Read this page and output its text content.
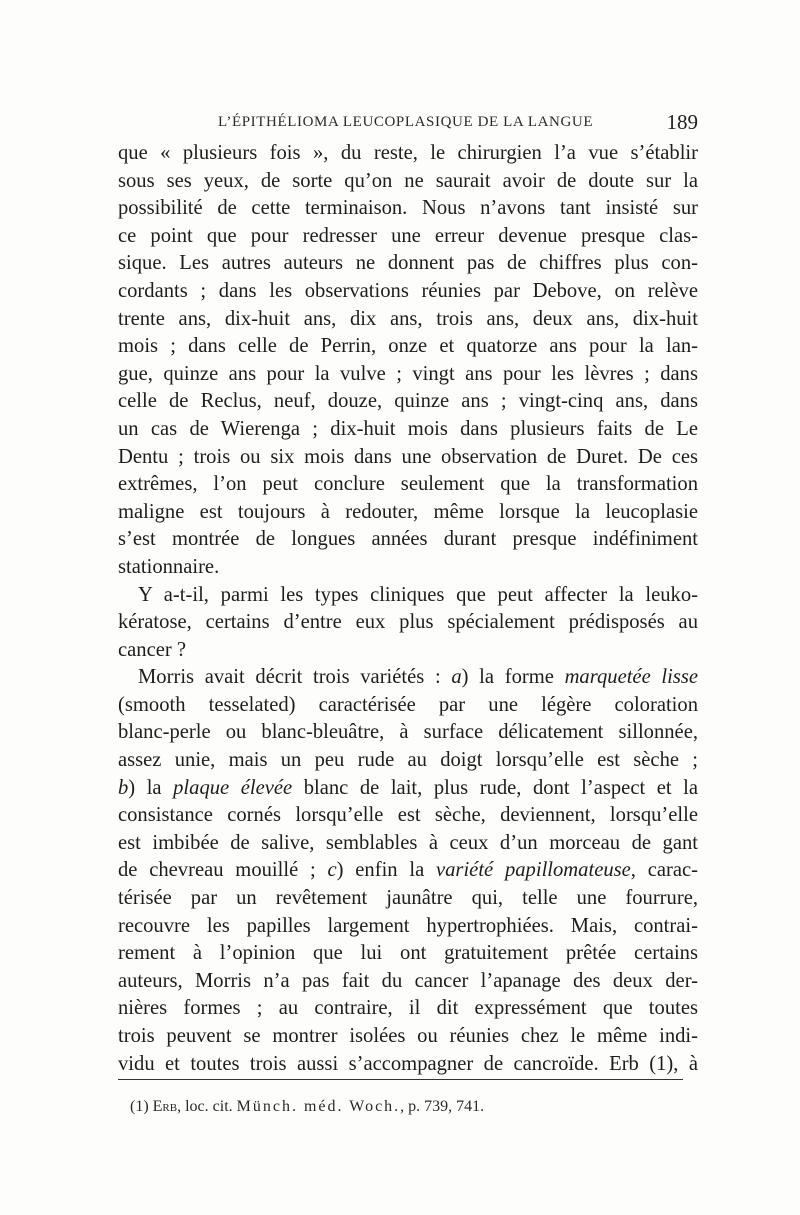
L’ÉPITHÉLIOMA LEUCOPLASIQUE DE LA LANGUE	189
que « plusieurs fois », du reste, le chirurgien l’a vue s’établir
sous ses yeux, de sorte qu’on ne saurait avoir de doute sur la
possibilité de cette terminaison. Nous n’avons tant insisté sur
ce point que pour redresser une erreur devenue presque clas-
sique. Les autres auteurs ne donnent pas de chiffres plus con-
cordants ; dans les observations réunies par Debove, on relève
trente ans, dix-huit ans, dix ans, trois ans, deux ans, dix-huit
mois ; dans celle de Perrin, onze et quatorze ans pour la lan-
gue, quinze ans pour la vulve ; vingt ans pour les lèvres ; dans
celle de Reclus, neuf, douze, quinze ans ; vingt-cinq ans, dans
un cas de Wierenga ; dix-huit mois dans plusieurs faits de Le
Dentu ; trois ou six mois dans une observation de Duret. De ces
extrêmes, l’on peut conclure seulement que la transformation
maligne est toujours à redouter, même lorsque la leucoplasie
s’est montrée de longues années durant presque indéfiniment
stationnaire.
Y a-t-il, parmi les types cliniques que peut affecter la leuko-
kératose, certains d’entre eux plus spécialement prédisposés au
cancer ?
Morris avait décrit trois variétés : a) la forme marquetée lisse
(smooth tesselated) caractérisée par une légère coloration
blanc-perle ou blanc-bleuâtre, à surface délicatement sillonnée,
assez unie, mais un peu rude au doigt lorsqu’elle est sèche ;
b) la plaque élevée blanc de lait, plus rude, dont l’aspect et la
consistance cornés lorsqu’elle est sèche, deviennent, lorsqu’elle
est imbibée de salive, semblables à ceux d’un morceau de gant
de chevreau mouillé ; c) enfin la variété papillomateuse, carac-
térisée par un revêtement jaunâtre qui, telle une fourrure,
recouvre les papilles largement hypertrophiées. Mais, contrai-
rement à l’opinion que lui ont gratuitement prêtée certains
auteurs, Morris n’a pas fait du cancer l’apanage des deux der-
nières formes ; au contraire, il dit expressément que toutes
trois peuvent se montrer isolées ou réunies chez le même indi-
vidu et toutes trois aussi s’accompagner de cancroïde. Erb (1), à
(1) Erb, loc. cit. Münch. méd. Woch., p. 739, 741.
